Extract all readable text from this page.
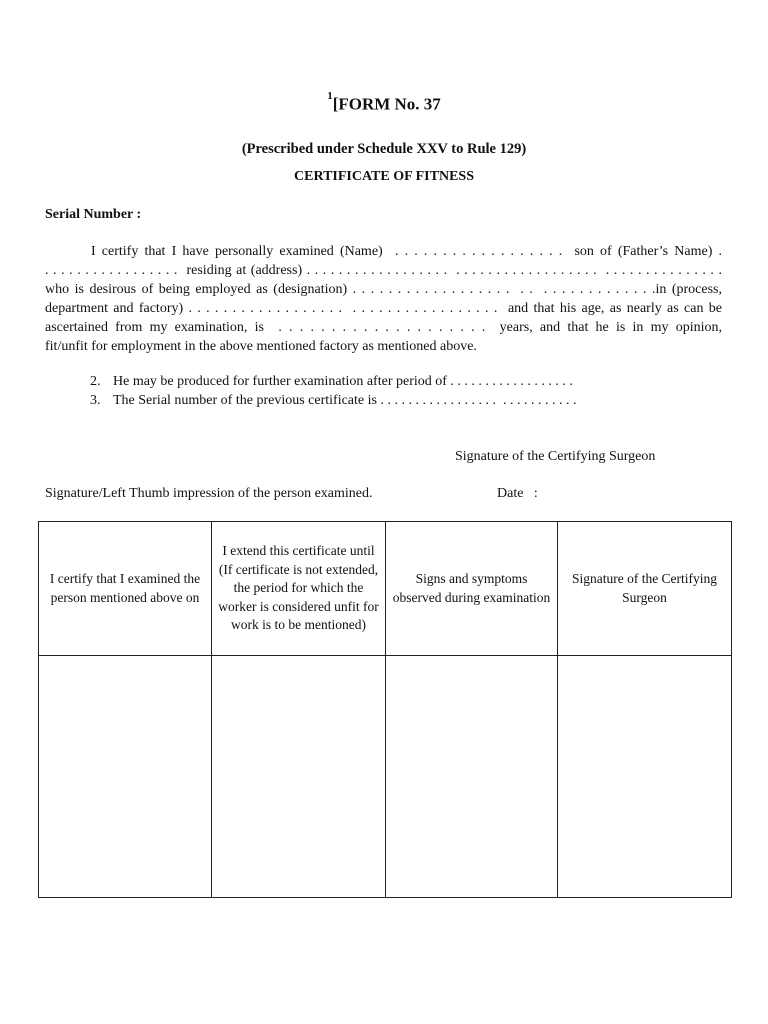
$^1$[FORM No. 37
(Prescribed under Schedule XXV to Rule 129)
CERTIFICATE OF FITNESS
Serial Number :
I certify that I have personally examined (Name)  . . . . . . . . . . . . . . . . . .  son of (Father’s Name) .
. . . . . . . . . . . . . . . . .  residing at (address) . . . . . . . . . . . . . . . . . .  . . . . . . . . . . . . . . . . . .  . . . . . . . . . . . . . . .
who is desirous of being employed as (designation) . . . . . . . . . . . . . . . . . .  . .  . . . . . . . . . . . . .in (process,
department and factory) . . . . . . . . . . . . . . . . . .  . . . . . . . . . . . . . . . . .  and that his age, as nearly as can be
ascertained from my examination, is  . . . . . . . . . . . . . . . . . . . .  years, and that he is in my opinion,
fit/unfit for employment in the above mentioned factory as mentioned above.
2. He may be produced for further examination after period of . . . . . . . . . . . . . . . . . .
3. The Serial number of the previous certificate is . . . . . . . . . . . . . . . . .  . . . . . . . . . . .
Signature of the Certifying Surgeon
Signature/Left Thumb impression of the person examined.	Date   :
I certify that I examined the person mentioned above on	I extend this certificate until (If certificate is not extended, the period for which the worker is considered unfit for work is to be mentioned)	Signs and symptoms observed during examination	Signature of the Certifying Surgeon
